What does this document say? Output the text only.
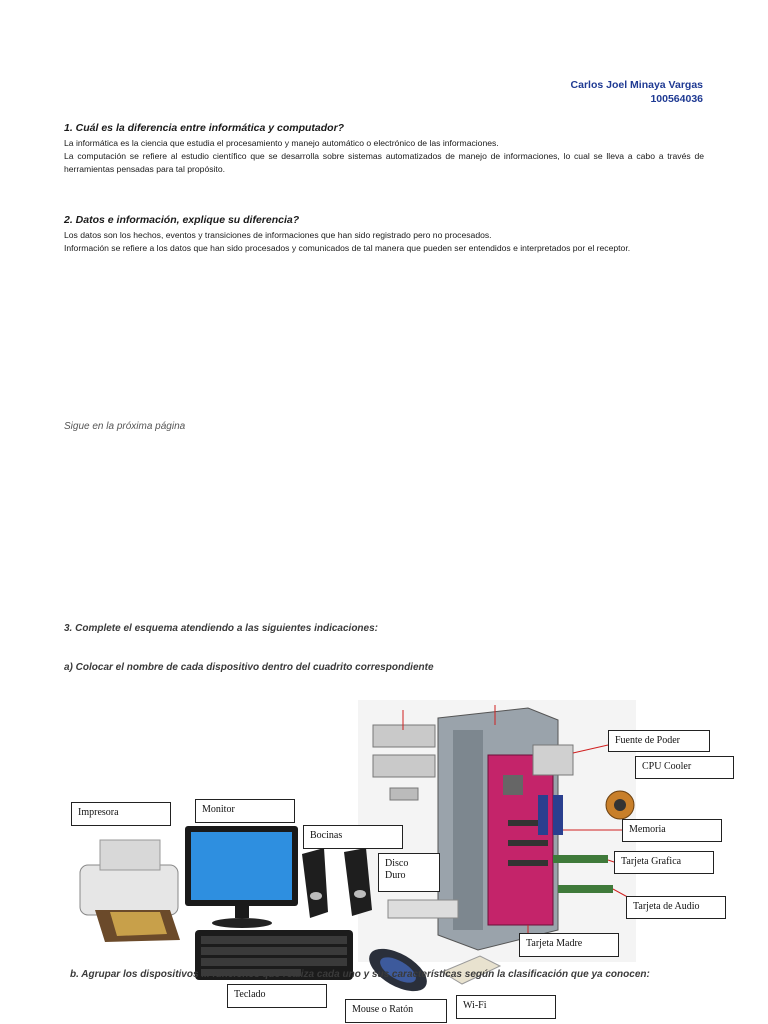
Carlos Joel Minaya Vargas
100564036
1. Cuál es la diferencia entre informática y computador?
La informática es la ciencia que estudia el procesamiento y manejo automático o electrónico de las informaciones.
La computación se refiere al estudio científico que se desarrolla sobre sistemas automatizados de manejo de informaciones, lo cual se lleva a cabo a través de herramientas pensadas para tal propósito.
2. Datos e información, explique su diferencia?
Los datos son los hechos, eventos y transiciones de informaciones que han sido registrado pero no procesados.
Información se refiere a los datos que han sido procesados y comunicados de tal manera que pueden ser entendidos e interpretados por el receptor.
Sigue en la próxima página
3. Complete el esquema atendiendo a las siguientes indicaciones:
a) Colocar el nombre de cada dispositivo dentro del cuadrito correspondiente
b. Agrupar los dispositivos ... funciones que realiza cada uno y sus características según la clasificación que ya conocen:
Fuente de Poder
CPU Cooler
Memoria
Tarjeta Grafica
Tarjeta de Audio
Tarjeta Madre
Impresora	Monitor
Bocinas
Disco
Duro
Teclado
Mouse o Ratón	Wi-Fi
